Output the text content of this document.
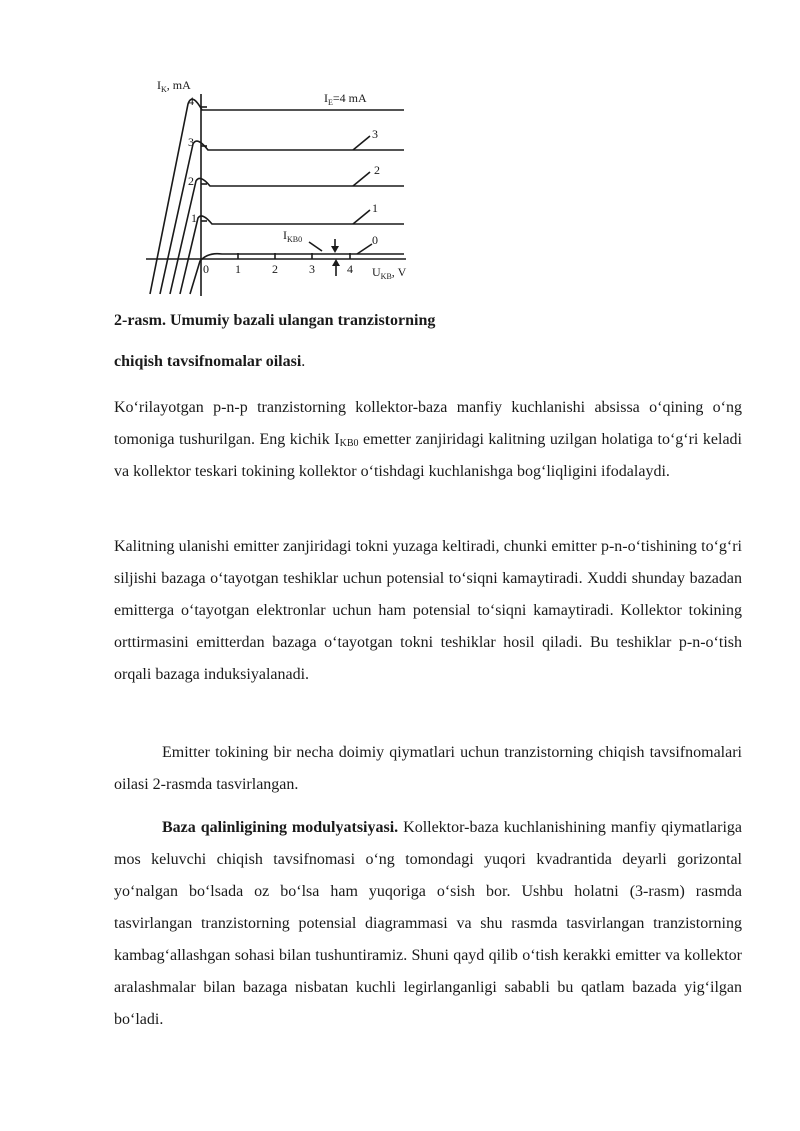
$I_K$, mA
4
3
2
1
0 1	2	3	4 $U_{KB}$, V
$I_E=4$ mA
3
2
1
0
$I_{KB0}$

2-rasm. Umumiy bazali ulangan tranzistorning

chiqish tavsifnomalar oilasi.

Koʻrilayotgan p-n-p tranzistorning kollektor-baza manfiy kuchlanishi absissa oʻqining oʻng tomoniga tushurilgan. Eng kichik $I_{KB0}$ emetter zanjiridagi kalitning uzilgan holatiga toʻgʻri keladi va kollektor teskari tokining kollektor oʻtishdagi kuchlanishga bogʻliqligini ifodalaydi.

Kalitning ulanishi emitter zanjiridagi tokni yuzaga keltiradi, chunki emitter p-n-oʻtishining toʻgʻri siljishi bazaga oʻtayotgan teshiklar uchun potensial toʻsiqni kamaytiradi. Xuddi shunday bazadan emitterga oʻtayotgan elektronlar uchun ham potensial toʻsiqni kamaytiradi. Kollektor tokining orttirmasini emitterdan bazaga oʻtayotgan tokni teshiklar hosil qiladi. Bu teshiklar p-n-oʻtish orqali bazaga induksiyalanadi.

Emitter tokining bir necha doimiy qiymatlari uchun tranzistorning chiqish tavsifnomalari oilasi 2-rasmda tasvirlangan.

Baza qalinligining modulyatsiyasi. Kollektor-baza kuchlanishining manfiy qiymatlariga mos keluvchi chiqish tavsifnomasi oʻng tomondagi yuqori kvadrantida deyarli gorizontal yoʻnalgan boʻlsada oz boʻlsa ham yuqoriga oʻsish bor. Ushbu holatni (3-rasm) rasmda tasvirlangan tranzistorning potensial diagrammasi va shu rasmda tasvirlangan tranzistorning kambagʻallashgan sohasi bilan tushuntiramiz. Shuni qayd qilib oʻtish kerakki emitter va kollektor aralashmalar bilan bazaga nisbatan kuchli legirlanganligi sababli bu qatlam bazada yigʻilgan boʻladi.
